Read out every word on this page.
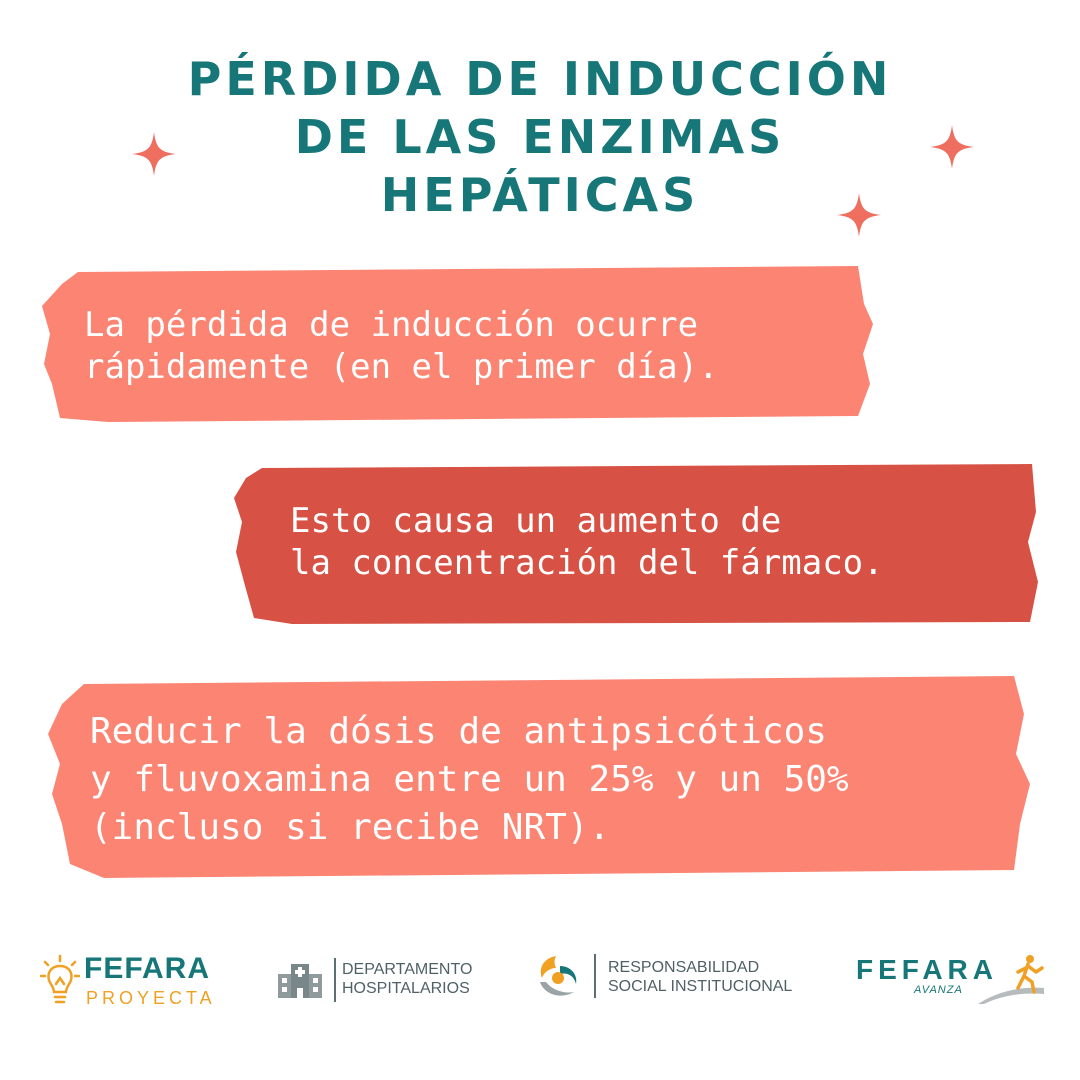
PÉRDIDA DE INDUCCIÓN
DE LAS ENZIMAS
HEPÁTICAS
La pérdida de inducción ocurre
rápidamente (en el primer día).
Esto causa un aumento de
la concentración del fármaco.
Reducir la dósis de antipsicóticos
y fluvoxamina entre un 25% y un 50%
(incluso si recibe NRT).
FEFARA
PROYECTA
DEPARTAMENTO
HOSPITALARIOS
RESPONSABILIDAD
SOCIAL INSTITUCIONAL
FEFARA
AVANZA
